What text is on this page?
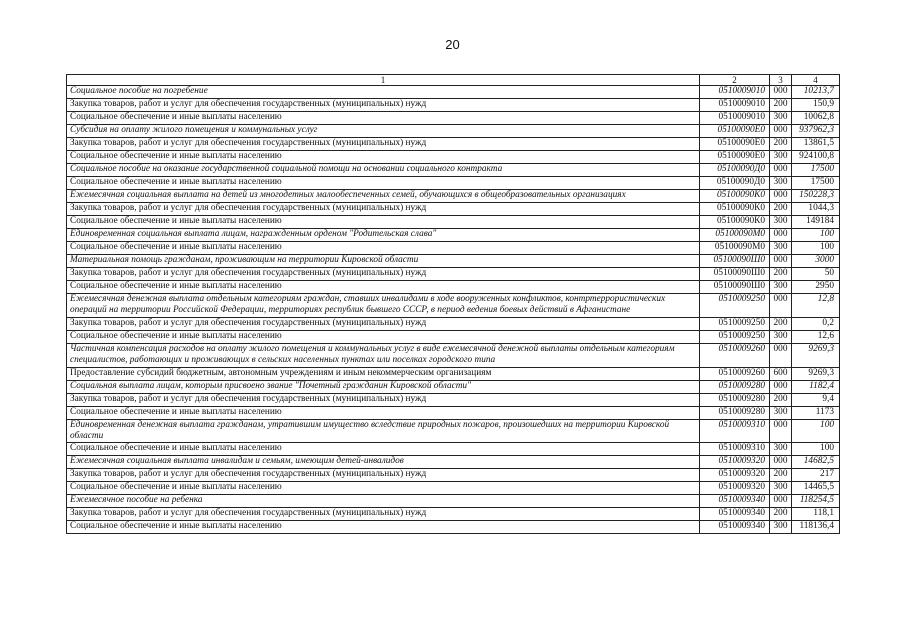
20
1	2	3	4
Социальное пособие на погребение	0510009010	000	10213,7
Закупка товаров, работ и услуг для обеспечения государственных (муниципальных) нужд	0510009010	200	150,9
Социальное обеспечение и иные выплаты населению	0510009010	300	10062,8
Субсидия на оплату жилого помещения и коммунальных услуг	05100090Е0	000	937962,3
Закупка товаров, работ и услуг для обеспечения государственных (муниципальных) нужд	05100090Е0	200	13861,5
Социальное обеспечение и иные выплаты населению	05100090Е0	300	924100,8
Социальное пособие на оказание государственной социальной помощи на основании социального контракта	05100090Д0	000	17500
Социальное обеспечение и иные выплаты населению	05100090Д0	300	17500
Ежемесячная социальная выплата на детей из многодетных малообеспеченных семей, обучающихся в общеобразовательных организациях	05100090К0	000	150228,3
Закупка товаров, работ и услуг для обеспечения государственных (муниципальных) нужд	05100090К0	200	1044,3
Социальное обеспечение и иные выплаты населению	05100090К0	300	149184
Единовременная социальная выплата лицам, награжденным орденом "Родительская слава"	05100090М0	000	100
Социальное обеспечение и иные выплаты населению	05100090М0	300	100
Материальная помощь гражданам, проживающим на территории Кировской области	05100090Ш0	000	3000
Закупка товаров, работ и услуг для обеспечения государственных (муниципальных) нужд	05100090Ш0	200	50
Социальное обеспечение и иные выплаты населению	05100090Ш0	300	2950
Ежемесячная денежная выплата отдельным категориям граждан, ставших инвалидами в ходе вооруженных конфликтов, контртеррористических операций на территории Российской Федерации, территориях республик бывшего СССР, в период ведения боевых действий в Афганистане	0510009250	000	12,8
Закупка товаров, работ и услуг для обеспечения государственных (муниципальных) нужд	0510009250	200	0,2
Социальное обеспечение и иные выплаты населению	0510009250	300	12,6
Частичная компенсация расходов на оплату жилого помещения и коммунальных услуг в виде ежемесячной денежной выплаты отдельным категориям специалистов, работающих и проживающих в сельских населенных пунктах или поселках городского типа	0510009260	000	9269,3
Предоставление субсидий бюджетным, автономным учреждениям и иным некоммерческим организациям	0510009260	600	9269,3
Социальная выплата лицам, которым присвоено звание "Почетный гражданин Кировской области"	0510009280	000	1182,4
Закупка товаров, работ и услуг для обеспечения государственных (муниципальных) нужд	0510009280	200	9,4
Социальное обеспечение и иные выплаты населению	0510009280	300	1173
Единовременная денежная выплата гражданам, утратившим имущество вследствие природных пожаров, произошедших на территории Кировской области	0510009310	000	100
Социальное обеспечение и иные выплаты населению	0510009310	300	100
Ежемесячная социальная выплата инвалидам и семьям, имеющим детей-инвалидов	0510009320	000	14682,5
Закупка товаров, работ и услуг для обеспечения государственных (муниципальных) нужд	0510009320	200	217
Социальное обеспечение и иные выплаты населению	0510009320	300	14465,5
Ежемесячное пособие на ребенка	0510009340	000	118254,5
Закупка товаров, работ и услуг для обеспечения государственных (муниципальных) нужд	0510009340	200	118,1
Социальное обеспечение и иные выплаты населению	0510009340	300	118136,4
